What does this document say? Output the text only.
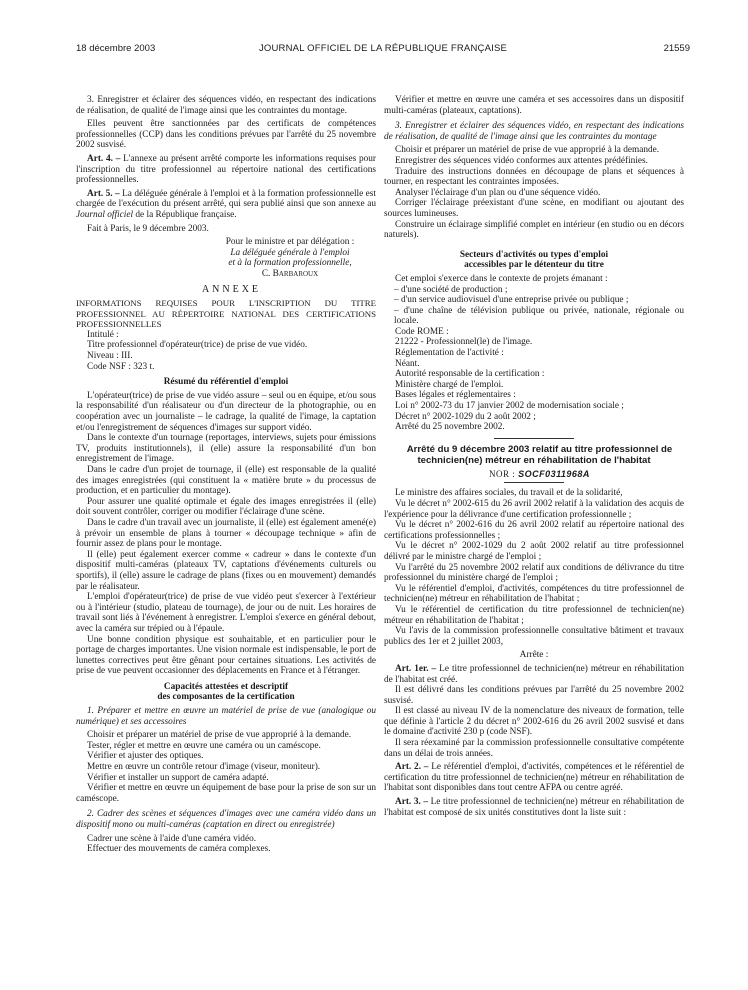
18 décembre 2003	JOURNAL OFFICIEL DE LA RÉPUBLIQUE FRANÇAISE	21559

3. Enregistrer et éclairer des séquences vidéo, en respectant des indications de réalisation, de qualité de l'image ainsi que les contraintes du montage.

Elles peuvent être sanctionnées par des certificats de compétences professionnelles (CCP) dans les conditions prévues par l'arrêté du 25 novembre 2002 susvisé.

Art. 4. – L'annexe au présent arrêté comporte les informations requises pour l'inscription du titre professionnel au répertoire national des certifications professionnelles.

Art. 5. – La déléguée générale à l'emploi et à la formation professionnelle est chargée de l'exécution du présent arrêté, qui sera publié ainsi que son annexe au Journal officiel de la République française.

Fait à Paris, le 9 décembre 2003.

Pour le ministre et par délégation :
La déléguée générale à l'emploi
et à la formation professionnelle,
C. Barbaroux

ANNEXE

INFORMATIONS REQUISES POUR L'INSCRIPTION DU TITRE PROFESSIONNEL AU RÉPERTOIRE NATIONAL DES CERTIFICATIONS PROFESSIONNELLES

Intitulé :

Titre professionnel d'opérateur(trice) de prise de vue vidéo.

Niveau : III.

Code NSF : 323 t.

Résumé du référentiel d'emploi

L'opérateur(trice) de prise de vue vidéo assure – seul ou en équipe, et/ou sous la responsabilité d'un réalisateur ou d'un directeur de la photographie, ou en coopération avec un journaliste – le cadrage, la qualité de l'image, la captation et/ou l'enregistrement de séquences d'images sur support vidéo.

Dans le contexte d'un tournage (reportages, interviews, sujets pour émissions TV, produits institutionnels), il (elle) assure la responsabilité d'un bon enregistrement de l'image.

Dans le cadre d'un projet de tournage, il (elle) est responsable de la qualité des images enregistrées (qui constituent la « matière brute » du processus de production, et en particulier du montage).

Pour assurer une qualité optimale et égale des images enregistrées il (elle) doit souvent contrôler, corriger ou modifier l'éclairage d'une scène.

Dans le cadre d'un travail avec un journaliste, il (elle) est également amené(e) à prévoir un ensemble de plans à tourner « découpage technique » afin de fournir assez de plans pour le montage.

Il (elle) peut également exercer comme « cadreur » dans le contexte d'un dispositif multi-caméras (plateaux TV, captations d'événements culturels ou sportifs), il (elle) assure le cadrage de plans (fixes ou en mouvement) demandés par le réalisateur.

L'emploi d'opérateur(trice) de prise de vue vidéo peut s'exercer à l'extérieur ou à l'intérieur (studio, plateau de tournage), de jour ou de nuit. Les horaires de travail sont liés à l'événement à enregistrer. L'emploi s'exerce en général debout, avec la caméra sur trépied ou à l'épaule.

Une bonne condition physique est souhaitable, et en particulier pour le portage de charges importantes. Une vision normale est indispensable, le port de lunettes correctives peut être gênant pour certaines situations. Les activités de prise de vue peuvent occasionner des déplacements en France et à l'étranger.

Capacités attestées et descriptif

des composantes de la certification

1. Préparer et mettre en œuvre un matériel de prise de vue (analogique ou numérique) et ses accessoires

Choisir et préparer un matériel de prise de vue approprié à la demande.

Tester, régler et mettre en œuvre une caméra ou un caméscope.

Vérifier et ajuster des optiques.

Mettre en œuvre un contrôle retour d'image (viseur, moniteur).

Vérifier et installer un support de caméra adapté.

Vérifier et mettre en œuvre un équipement de base pour la prise de son sur un caméscope.

2. Cadrer des scènes et séquences d'images avec une caméra vidéo dans un dispositif mono ou multi-caméras (captation en direct ou enregistrée)

Cadrer une scène à l'aide d'une caméra vidéo.

Effectuer des mouvements de caméra complexes.

Vérifier et mettre en œuvre une caméra et ses accessoires dans un dispositif multi-caméras (plateaux, captations).

3. Enregistrer et éclairer des séquences vidéo, en respectant des indications de réalisation, de qualité de l'image ainsi que les contraintes du montage

Choisir et préparer un matériel de prise de vue approprié à la demande.

Enregistrer des séquences vidéo conformes aux attentes prédéfinies.

Traduire des instructions données en découpage de plans et séquences à tourner, en respectant les contraintes imposées.

Analyser l'éclairage d'un plan ou d'une séquence vidéo.

Corriger l'éclairage préexistant d'une scène, en modifiant ou ajoutant des sources lumineuses.

Construire un éclairage simplifié complet en intérieur (en studio ou en décors naturels).

Secteurs d'activités ou types d'emploi

accessibles par le détenteur du titre

Cet emploi s'exerce dans le contexte de projets émanant :

– d'une société de production ;

– d'un service audiovisuel d'une entreprise privée ou publique ;

– d'une chaîne de télévision publique ou privée, nationale, régionale ou locale.

Code ROME :

21222 - Professionnel(le) de l'image.

Réglementation de l'activité :

Néant.

Autorité responsable de la certification :

Ministère chargé de l'emploi.

Bases légales et réglementaires :

Loi n° 2002-73 du 17 janvier 2002 de modernisation sociale ;

Décret n° 2002-1029 du 2 août 2002 ;

Arrêté du 25 novembre 2002.

Arrêté du 9 décembre 2003 relatif au titre professionnel de technicien(ne) métreur en réhabilitation de l'habitat

NOR : SOCF0311968A

Le ministre des affaires sociales, du travail et de la solidarité,

Vu le décret n° 2002-615 du 26 avril 2002 relatif à la validation des acquis de l'expérience pour la délivrance d'une certification professionnelle ;

Vu le décret n° 2002-616 du 26 avril 2002 relatif au répertoire national des certifications professionnelles ;

Vu le décret n° 2002-1029 du 2 août 2002 relatif au titre professionnel délivré par le ministre chargé de l'emploi ;

Vu l'arrêté du 25 novembre 2002 relatif aux conditions de délivrance du titre professionnel du ministère chargé de l'emploi ;

Vu le référentiel d'emploi, d'activités, compétences du titre professionnel de technicien(ne) métreur en réhabilitation de l'habitat ;

Vu le référentiel de certification du titre professionnel de technicien(ne) métreur en réhabilitation de l'habitat ;

Vu l'avis de la commission professionnelle consultative bâtiment et travaux publics des 1er et 2 juillet 2003,

Arrête :

Art. 1er. – Le titre professionnel de technicien(ne) métreur en réhabilitation de l'habitat est créé.

Il est délivré dans les conditions prévues par l'arrêté du 25 novembre 2002 susvisé.

Il est classé au niveau IV de la nomenclature des niveaux de formation, telle que définie à l'article 2 du décret n° 2002-616 du 26 avril 2002 susvisé et dans le domaine d'activité 230 p (code NSF).

Il sera réexaminé par la commission professionnelle consultative compétente dans un délai de trois années.

Art. 2. – Le référentiel d'emploi, d'activités, compétences et le référentiel de certification du titre professionnel de technicien(ne) métreur en réhabilitation de l'habitat sont disponibles dans tout centre AFPA ou centre agréé.

Art. 3. – Le titre professionnel de technicien(ne) métreur en réhabilitation de l'habitat est composé de six unités constitutives dont la liste suit :
